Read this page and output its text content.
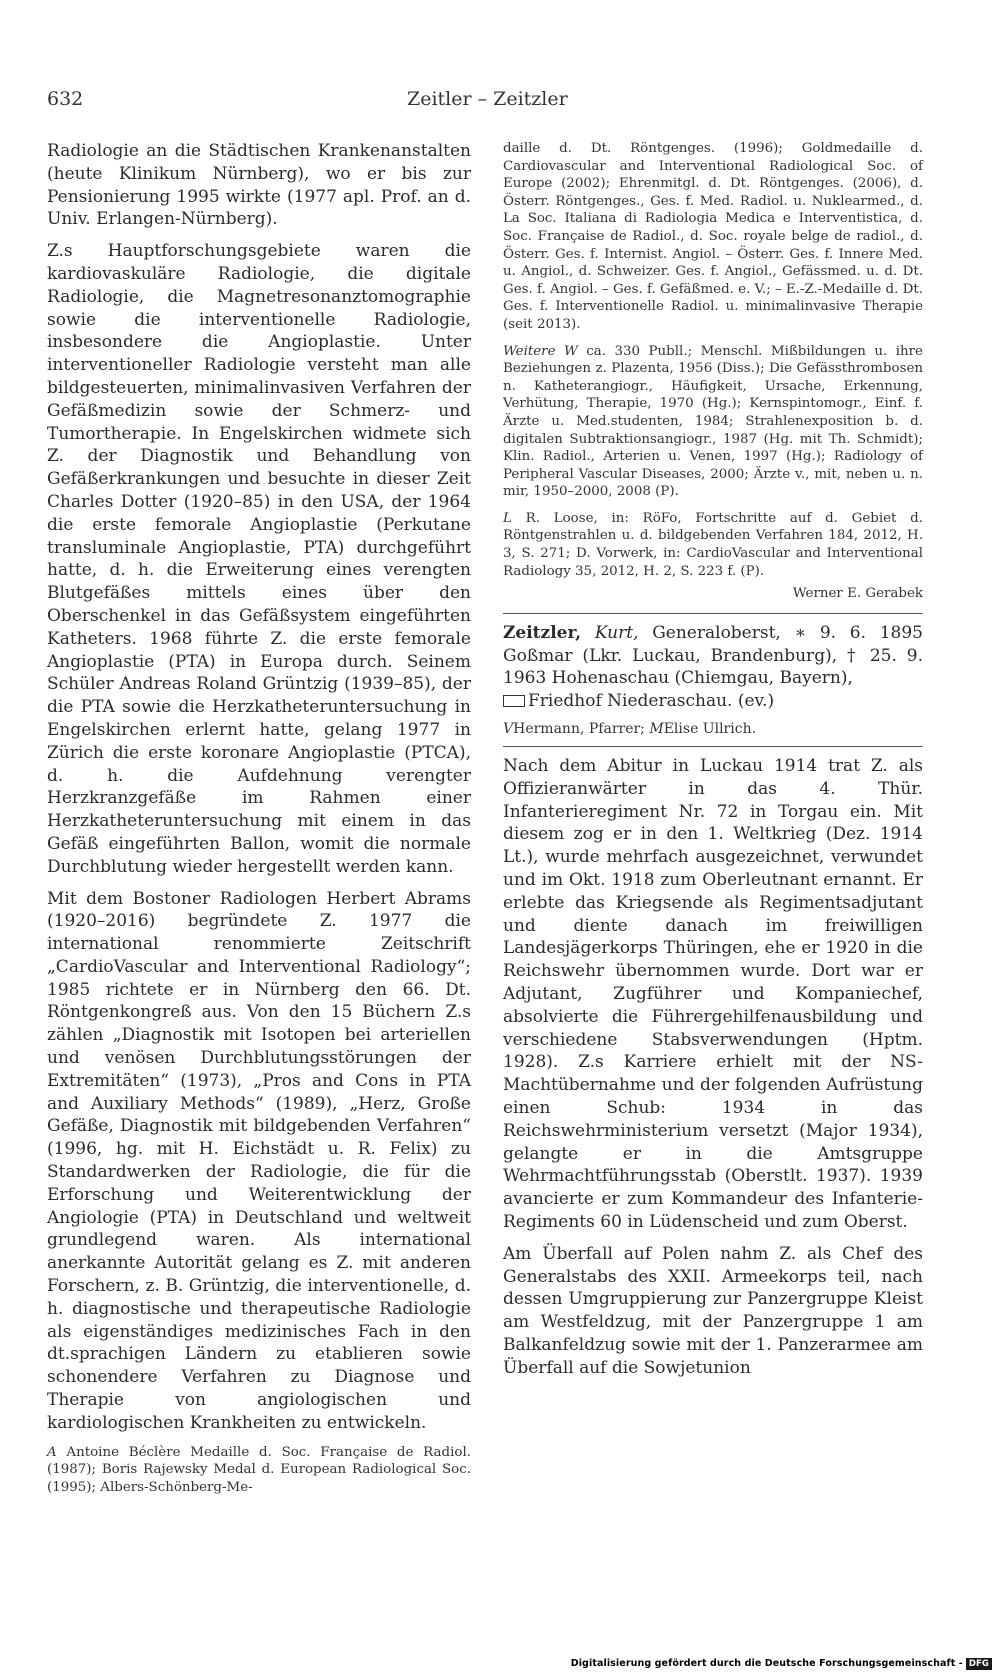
632	Zeitler – Zeitzler

Radiologie an die Städtischen Krankenanstalten (heute Klinikum Nürnberg), wo er bis zur Pensionierung 1995 wirkte (1977 apl. Prof. an d. Univ. Erlangen-Nürnberg).

Z.s Hauptforschungsgebiete waren die kardiovaskuläre Radiologie, die digitale Radiologie, die Magnetresonanztomographie sowie die interventionelle Radiologie, insbesondere die Angioplastie. Unter interventioneller Radiologie versteht man alle bildgesteuerten, minimalinvasiven Verfahren der Gefäßmedizin sowie der Schmerz- und Tumortherapie. In Engelskirchen widmete sich Z. der Diagnostik und Behandlung von Gefäßerkrankungen und besuchte in dieser Zeit Charles Dotter (1920–85) in den USA, der 1964 die erste femorale Angioplastie (Perkutane transluminale Angioplastie, PTA) durchgeführt hatte, d. h. die Erweiterung eines verengten Blutgefäßes mittels eines über den Oberschenkel in das Gefäßsystem eingeführten Katheters. 1968 führte Z. die erste femorale Angioplastie (PTA) in Europa durch. Seinem Schüler Andreas Roland Grüntzig (1939–85), der die PTA sowie die Herzkatheteruntersuchung in Engelskirchen erlernt hatte, gelang 1977 in Zürich die erste koronare Angioplastie (PTCA), d. h. die Aufdehnung verengter Herzkranzgefäße im Rahmen einer Herzkatheteruntersuchung mit einem in das Gefäß eingeführten Ballon, womit die normale Durchblutung wieder hergestellt werden kann.

Mit dem Bostoner Radiologen Herbert Abrams (1920–2016) begründete Z. 1977 die international renommierte Zeitschrift „CardioVascular and Interventional Radiology“; 1985 richtete er in Nürnberg den 66. Dt. Röntgenkongreß aus. Von den 15 Büchern Z.s zählen „Diagnostik mit Isotopen bei arteriellen und venösen Durchblutungsstörungen der Extremitäten“ (1973), „Pros and Cons in PTA and Auxiliary Methods“ (1989), „Herz, Große Gefäße, Diagnostik mit bildgebenden Verfahren“ (1996, hg. mit H. Eichstädt u. R. Felix) zu Standardwerken der Radiologie, die für die Erforschung und Weiterentwicklung der Angiologie (PTA) in Deutschland und weltweit grundlegend waren. Als international anerkannte Autorität gelang es Z. mit anderen Forschern, z. B. Grüntzig, die interventionelle, d. h. diagnostische und therapeutische Radiologie als eigenständiges medizinisches Fach in den dt.sprachigen Ländern zu etablieren sowie schonendere Verfahren zu Diagnose und Therapie von angiologischen und kardiologischen Krankheiten zu entwickeln.

A Antoine Béclère Medaille d. Soc. Française de Radiol. (1987); Boris Rajewsky Medal d. European Radiological Soc. (1995); Albers-Schönberg-Me-

daille d. Dt. Röntgenges. (1996); Goldmedaille d. Cardiovascular and Interventional Radiological Soc. of Europe (2002); Ehrenmitgl. d. Dt. Röntgenges. (2006), d. Österr. Röntgenges., Ges. f. Med. Radiol. u. Nuklearmed., d. La Soc. Italiana di Radiologia Medica e Interventistica, d. Soc. Française de Radiol., d. Soc. royale belge de radiol., d. Österr. Ges. f. Internist. Angiol. – Österr. Ges. f. Innere Med. u. Angiol., d. Schweizer. Ges. f. Angiol., Gefässmed. u. d. Dt. Ges. f. Angiol. – Ges. f. Gefäßmed. e. V.; – E.-Z.-Medaille d. Dt. Ges. f. Interventionelle Radiol. u. minimalinvasive Therapie (seit 2013).

Weitere W ca. 330 Publl.; Menschl. Mißbildungen u. ihre Beziehungen z. Plazenta, 1956 (Diss.); Die Gefässthrombosen n. Katheterangiogr., Häufigkeit, Ursache, Erkennung, Verhütung, Therapie, 1970 (Hg.); Kernspintomogr., Einf. f. Ärzte u. Med.studenten, 1984; Strahlenexposition b. d. digitalen Subtraktionsangiogr., 1987 (Hg. mit Th. Schmidt); Klin. Radiol., Arterien u. Venen, 1997 (Hg.); Radiology of Peripheral Vascular Diseases, 2000; Ärzte v., mit, neben u. n. mir, 1950–2000, 2008 (P).

L R. Loose, in: RöFo, Fortschritte auf d. Gebiet d. Röntgenstrahlen u. d. bildgebenden Verfahren 184, 2012, H. 3, S. 271; D. Vorwerk, in: CardioVascular and Interventional Radiology 35, 2012, H. 2, S. 223 f. (P).

Werner E. Gerabek

Zeitzler, Kurt, Generaloberst, ∗ 9. 6. 1895 Goßmar (Lkr. Luckau, Brandenburg), † 25. 9. 1963 Hohenaschau (Chiemgau, Bayern),
Friedhof Niederaschau. (ev.)

VHermann, Pfarrer; MElise Ullrich.

Nach dem Abitur in Luckau 1914 trat Z. als Offizieranwärter in das 4. Thür. Infanterieregiment Nr. 72 in Torgau ein. Mit diesem zog er in den 1. Weltkrieg (Dez. 1914 Lt.), wurde mehrfach ausgezeichnet, verwundet und im Okt. 1918 zum Oberleutnant ernannt. Er erlebte das Kriegsende als Regimentsadjutant und diente danach im freiwilligen Landesjägerkorps Thüringen, ehe er 1920 in die Reichswehr übernommen wurde. Dort war er Adjutant, Zugführer und Kompaniechef, absolvierte die Führergehilfenausbildung und verschiedene Stabsverwendungen (Hptm. 1928). Z.s Karriere erhielt mit der NS-Machtübernahme und der folgenden Aufrüstung einen Schub: 1934 in das Reichswehrministerium versetzt (Major 1934), gelangte er in die Amtsgruppe Wehrmachtführungsstab (Oberstlt. 1937). 1939 avancierte er zum Kommandeur des Infanterie-Regiments 60 in Lüdenscheid und zum Oberst.

Am Überfall auf Polen nahm Z. als Chef des Generalstabs des XXII. Armeekorps teil, nach dessen Umgruppierung zur Panzergruppe Kleist am Westfeldzug, mit der Panzergruppe 1 am Balkanfeldzug sowie mit der 1. Panzerarmee am Überfall auf die Sowjetunion

Digitalisierung gefördert durch die Deutsche Forschungsgemeinschaft - DFG
